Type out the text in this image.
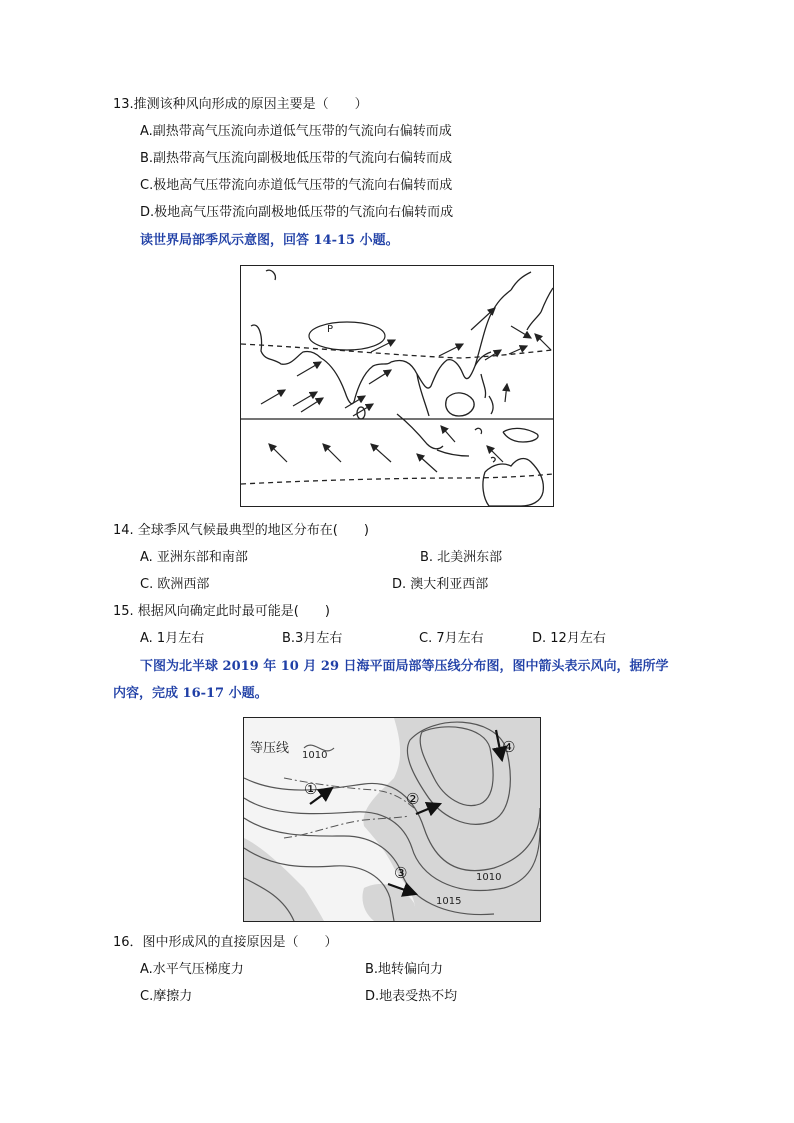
13.推测该种风向形成的原因主要是（　　）
A.副热带高气压流向赤道低气压带的气流向右偏转而成
B.副热带高气压流向副极地低压带的气流向右偏转而成
C.极地高气压带流向赤道低气压带的气流向右偏转而成
D.极地高气压带流向副极地低压带的气流向右偏转而成
读世界局部季风示意图，回答 14-15 小题。
P
14. 全球季风气候最典型的地区分布在(　　)
A. 亚洲东部和南部	B. 北美洲东部
C. 欧洲西部	D. 澳大利亚西部
15. 根据风向确定此时最可能是(　　)
A. 1月左右	B.3月左右	C. 7月左右	D. 12月左右
下图为北半球 2019 年 10 月 29 日海平面局部等压线分布图，图中箭头表示风向，据所学
内容，完成 16-17 小题。
等压线 1010
1010
1015
①
②
③
④
16．图中形成风的直接原因是（　　）
A.水平气压梯度力	B.地转偏向力
C.摩擦力	D.地表受热不均
